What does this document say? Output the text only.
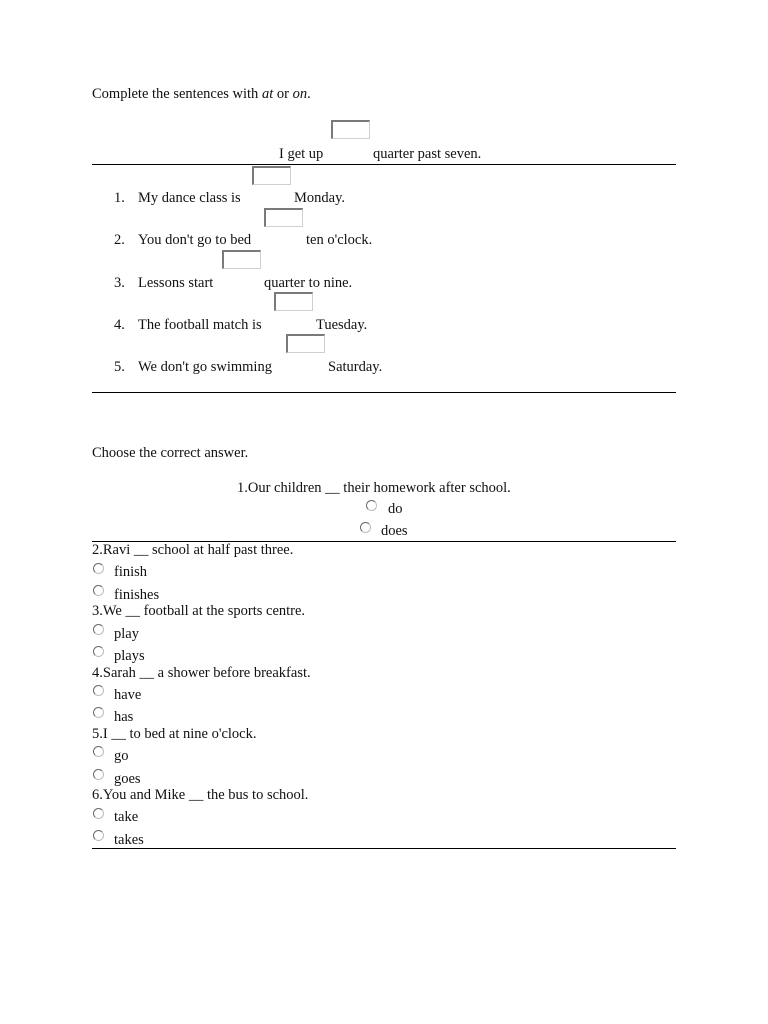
Complete the sentences with at or on.
I get up	quarter past seven.
1. My dance class is	Monday.
2. You don't go to bed	ten o'clock.
3. Lessons start	quarter to nine.
4. The football match is	Tuesday.
5. We don't go swimming	Saturday.
Choose the correct answer.
1.Our children __ their homework after school.
do
does
2.Ravi __ school at half past three.
finish
finishes
3.We __ football at the sports centre.
play
plays
4.Sarah __ a shower before breakfast.
have
has
5.I __ to bed at nine o'clock.
go
goes
6.You and Mike __ the bus to school.
take
takes
